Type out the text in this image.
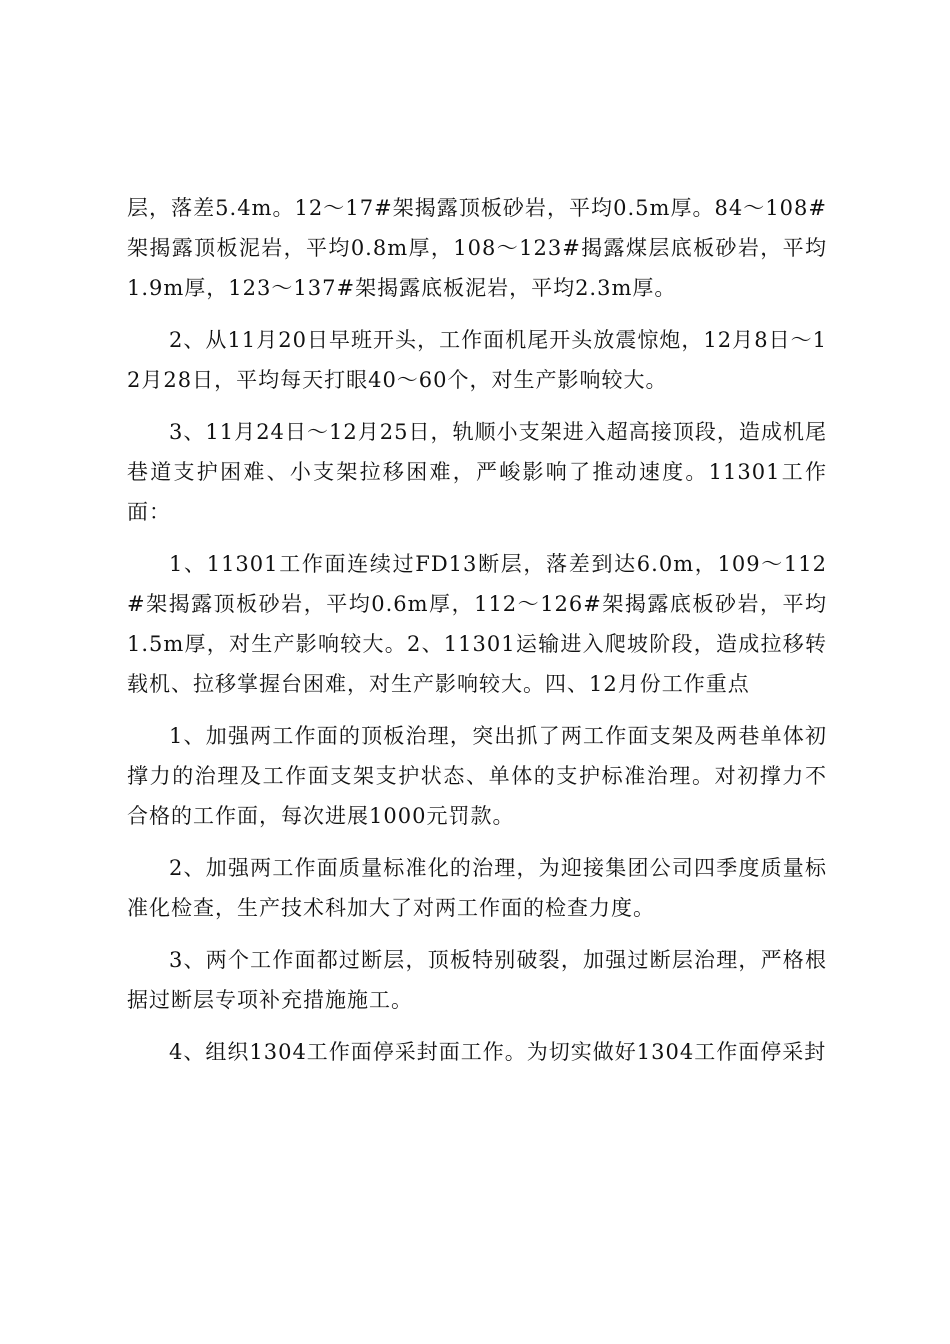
层，落差5.4m。12～17#架揭露顶板砂岩，平均0.5m厚。84～108#架揭露顶板泥岩，平均0.8m厚，108～123#揭露煤层底板砂岩，平均1.9m厚，123～137#架揭露底板泥岩，平均2.3m厚。

2、从11月20日早班开头，工作面机尾开头放震惊炮，12月8日～12月28日，平均每天打眼40～60个，对生产影响较大。

3、11月24日～12月25日，轨顺小支架进入超高接顶段，造成机尾巷道支护困难、小支架拉移困难，严峻影响了推动速度。11301工作面：

1、11301工作面连续过FD13断层，落差到达6.0m，109～112#架揭露顶板砂岩，平均0.6m厚，112～126#架揭露底板砂岩，平均1.5m厚，对生产影响较大。2、11301运输进入爬坡阶段，造成拉移转载机、拉移掌握台困难，对生产影响较大。四、12月份工作重点

1、加强两工作面的顶板治理，突出抓了两工作面支架及两巷单体初撑力的治理及工作面支架支护状态、单体的支护标准治理。对初撑力不合格的工作面，每次进展1000元罚款。

2、加强两工作面质量标准化的治理，为迎接集团公司四季度质量标准化检查，生产技术科加大了对两工作面的检查力度。

3、两个工作面都过断层，顶板特别破裂，加强过断层治理，严格根据过断层专项补充措施施工。

4、组织1304工作面停采封面工作。为切实做好1304工作面停采封
